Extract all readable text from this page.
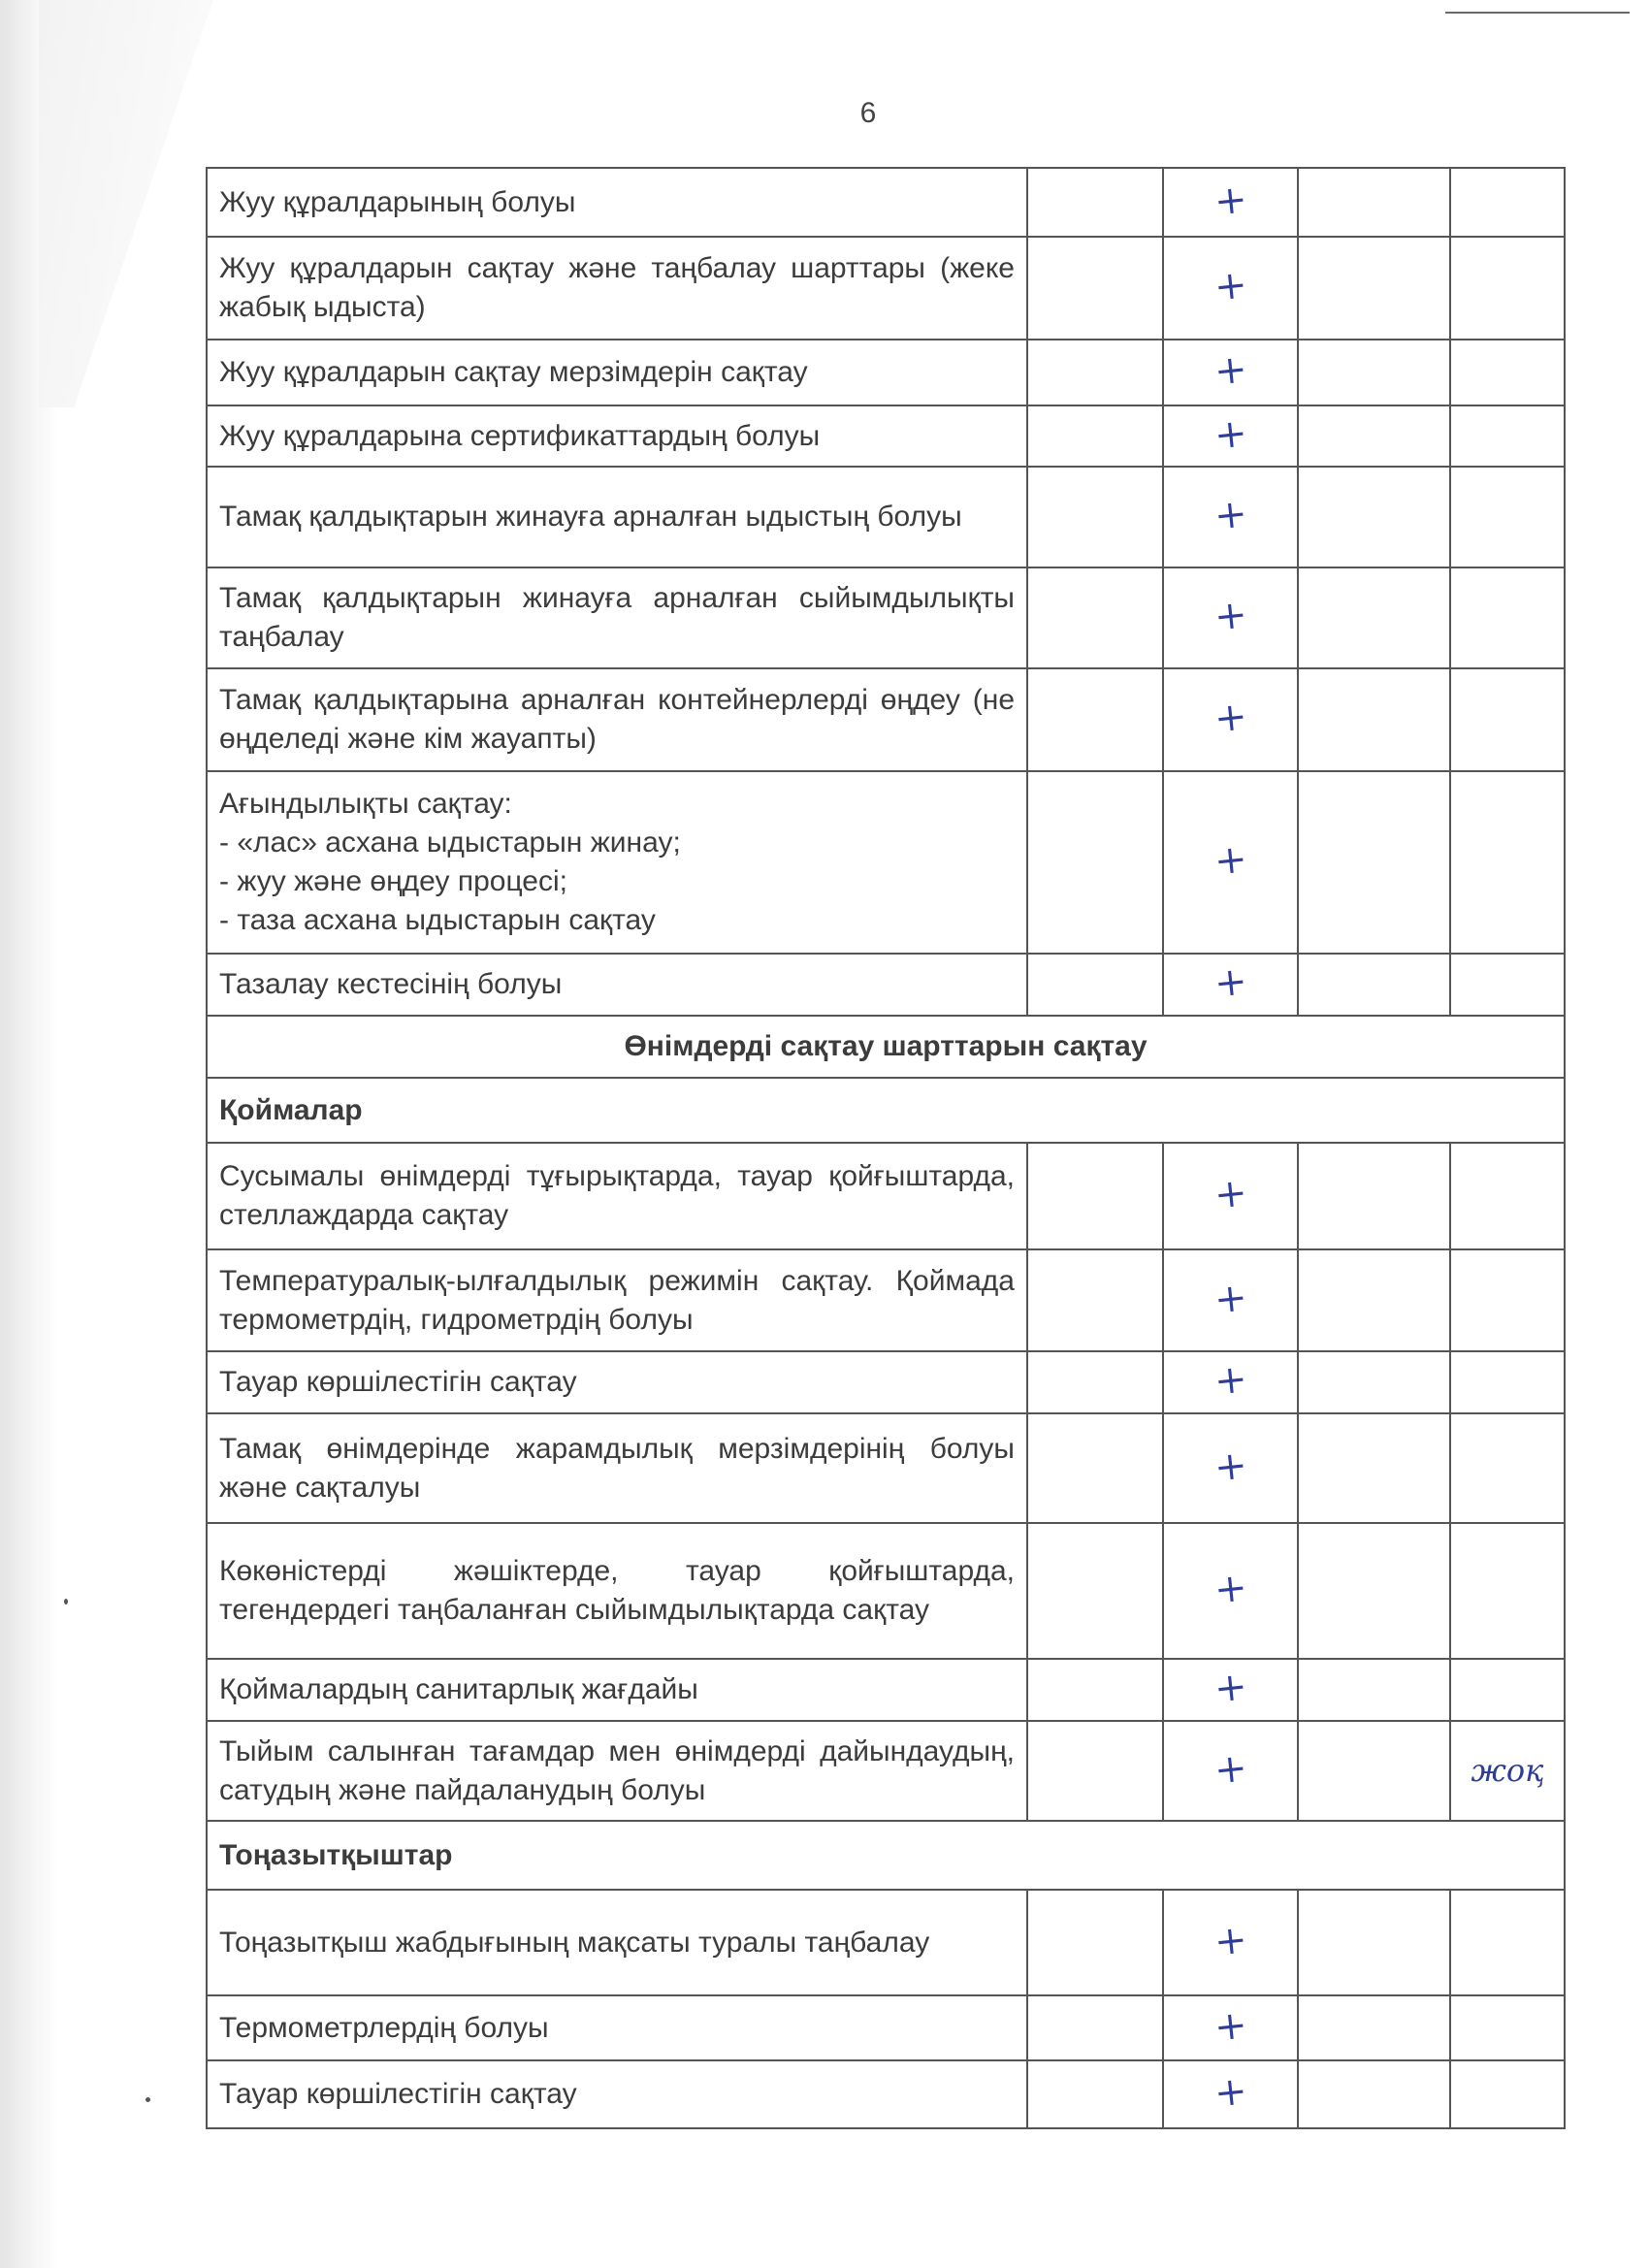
6
Жуу құралдарының болуы		+		
Жуу құралдарын сақтау және таңбалау шарттары (жеке жабық ыдыста)		+		
Жуу құралдарын сақтау мерзімдерін сақтау		+		
Жуу құралдарына сертификаттардың болуы		+		
Тамақ қалдықтарын жинауға арналған ыдыстың болуы		+		
Тамақ қалдықтарын жинауға арналған сыйымдылықты таңбалау		+		
Тамақ қалдықтарына арналған контейнерлерді өңдеу (не өңделеді және кім жауапты)		+		

Ағындылықты сақтау:
- «лас» асхана ыдыстарын жинау;
- жуу және өңдеу процесі;
- таза асхана ыдыстарын сақтау		+		
Тазалау кестесінің болуы		+		
Өнімдерді сақтау шарттарын сақтау				
Қоймалар				
Сусымалы өнімдерді тұғырықтарда, тауар қойғыштарда, стеллаждарда сақтау		+		
Температуралық-ылғалдылық режимін сақтау. Қоймада термометрдің, гидрометрдің болуы		+		
Тауар көршілестігін сақтау		+		
Тамақ өнімдерінде жарамдылық мерзімдерінің болуы және сақталуы		+		
Көкөністерді жәшіктерде, тауар қойғыштарда, тегендердегі таңбаланған сыйымдылықтарда сақтау		+		
Қоймалардың санитарлық жағдайы		+		
Тыйым салынған тағамдар мен өнімдерді дайындаудың, сатудың және пайдаланудың болуы		+		жоқ
Тоңазытқыштар				
Тоңазытқыш жабдығының мақсаты туралы таңбалау		+		
Термометрлердің болуы		+		
Тауар көршілестігін сақтау		+		
